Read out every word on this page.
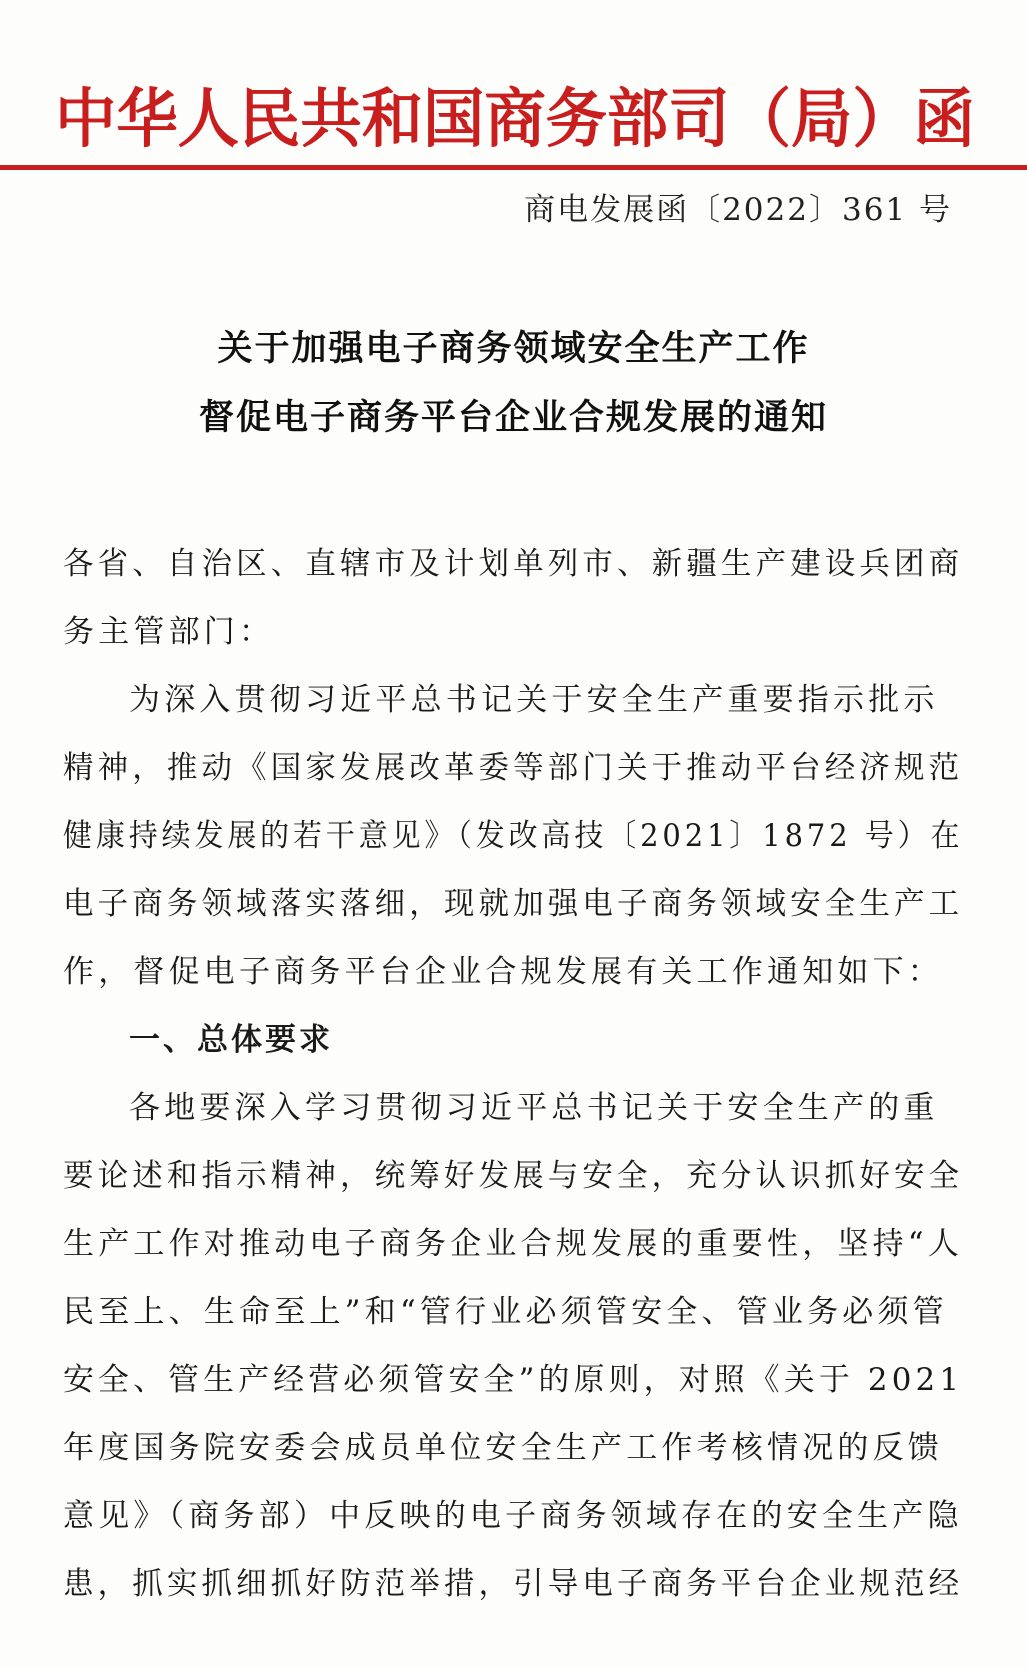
中华人民共和国商务部司（局）函
商电发展函〔2022〕361 号
关于加强电子商务领域安全生产工作
督促电子商务平台企业合规发展的通知
各省、自治区、直辖市及计划单列市、新疆生产建设兵团商
务主管部门：
为深入贯彻习近平总书记关于安全生产重要指示批示
精神，推动《国家发展改革委等部门关于推动平台经济规范
健康持续发展的若干意见》（发改高技〔2021〕1872 号）在
电子商务领域落实落细，现就加强电子商务领域安全生产工
作，督促电子商务平台企业合规发展有关工作通知如下：
一、总体要求
各地要深入学习贯彻习近平总书记关于安全生产的重
要论述和指示精神，统筹好发展与安全，充分认识抓好安全
生产工作对推动电子商务企业合规发展的重要性，坚持“人
民至上、生命至上”和“管行业必须管安全、管业务必须管
安全、管生产经营必须管安全”的原则，对照《关于 2021
年度国务院安委会成员单位安全生产工作考核情况的反馈
意见》（商务部）中反映的电子商务领域存在的安全生产隐
患，抓实抓细抓好防范举措，引导电子商务平台企业规范经
